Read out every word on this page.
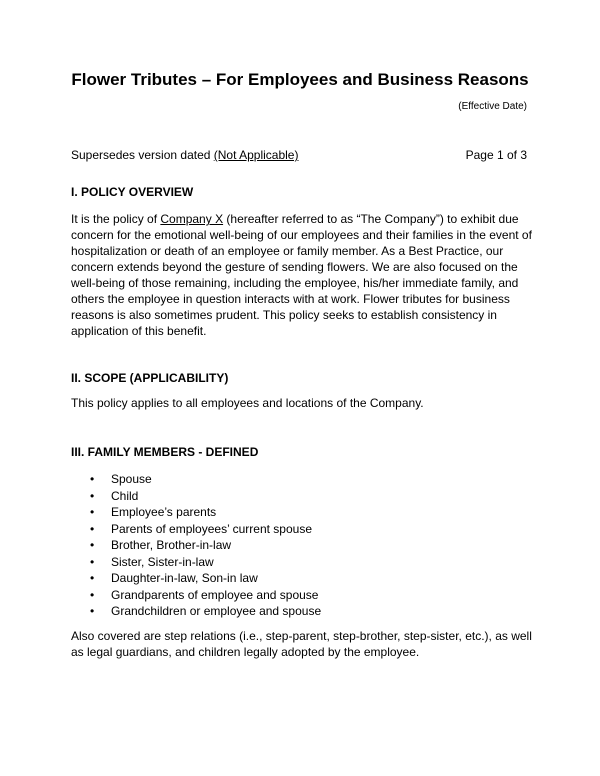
Flower Tributes – For Employees and Business Reasons
(Effective Date)
Supersedes version dated (Not Applicable)	Page 1 of 3
I. POLICY OVERVIEW
It is the policy of Company X (hereafter referred to as “The Company”) to exhibit due
concern for the emotional well-being of our employees and their families in the event of
hospitalization or death of an employee or family member. As a Best Practice, our
concern extends beyond the gesture of sending flowers. We are also focused on the
well-being of those remaining, including the employee, his/her immediate family, and
others the employee in question interacts with at work. Flower tributes for business
reasons is also sometimes prudent. This policy seeks to establish consistency in
application of this benefit.
II. SCOPE (APPLICABILITY)
This policy applies to all employees and locations of the Company.
III. FAMILY MEMBERS - DEFINED
• Spouse
• Child
• Employee’s parents
• Parents of employees’ current spouse
• Brother, Brother-in-law
• Sister, Sister-in-law
• Daughter-in-law, Son-in law
• Grandparents of employee and spouse
• Grandchildren or employee and spouse
Also covered are step relations (i.e., step-parent, step-brother, step-sister, etc.), as well
as legal guardians, and children legally adopted by the employee.
